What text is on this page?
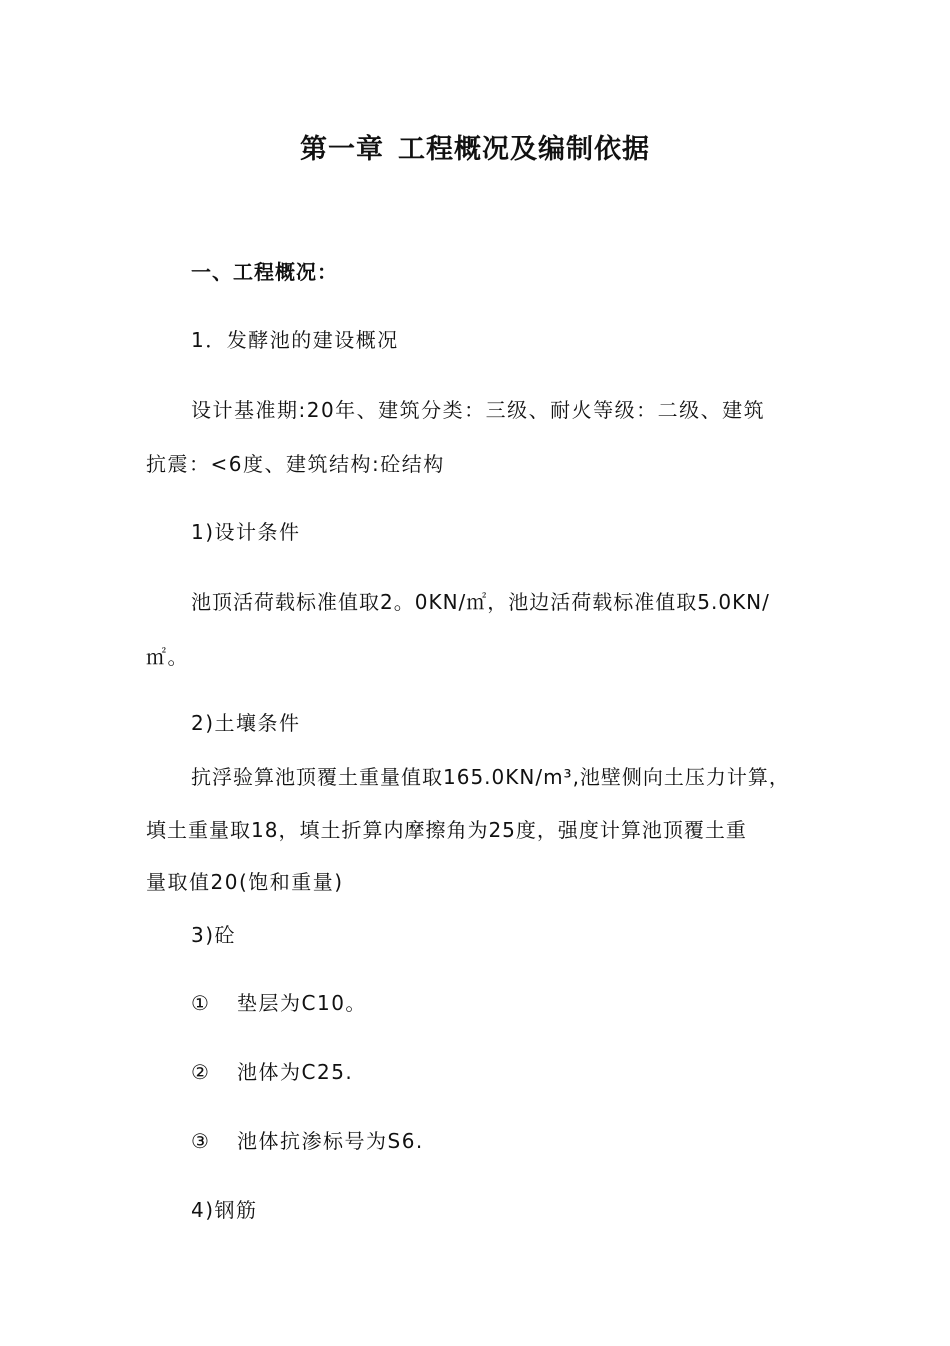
第一章 工程概况及编制依据
一、工程概况：
1．发酵池的建设概况
设计基准期:20年、建筑分类：三级、耐火等级：二级、建筑
抗震：<6度、建筑结构:砼结构
1)设计条件
池顶活荷载标准值取2。0KN/㎡，池边活荷载标准值取5.0KN/
㎡。
2)土壤条件
抗浮验算池顶覆土重量值取165.0KN/m³,池壁侧向土压力计算，
填土重量取18，填土折算内摩擦角为25度，强度计算池顶覆土重
量取值20(饱和重量)
3)砼
① 垫层为C10。
② 池体为C25.
③ 池体抗渗标号为S6.
4)钢筋
